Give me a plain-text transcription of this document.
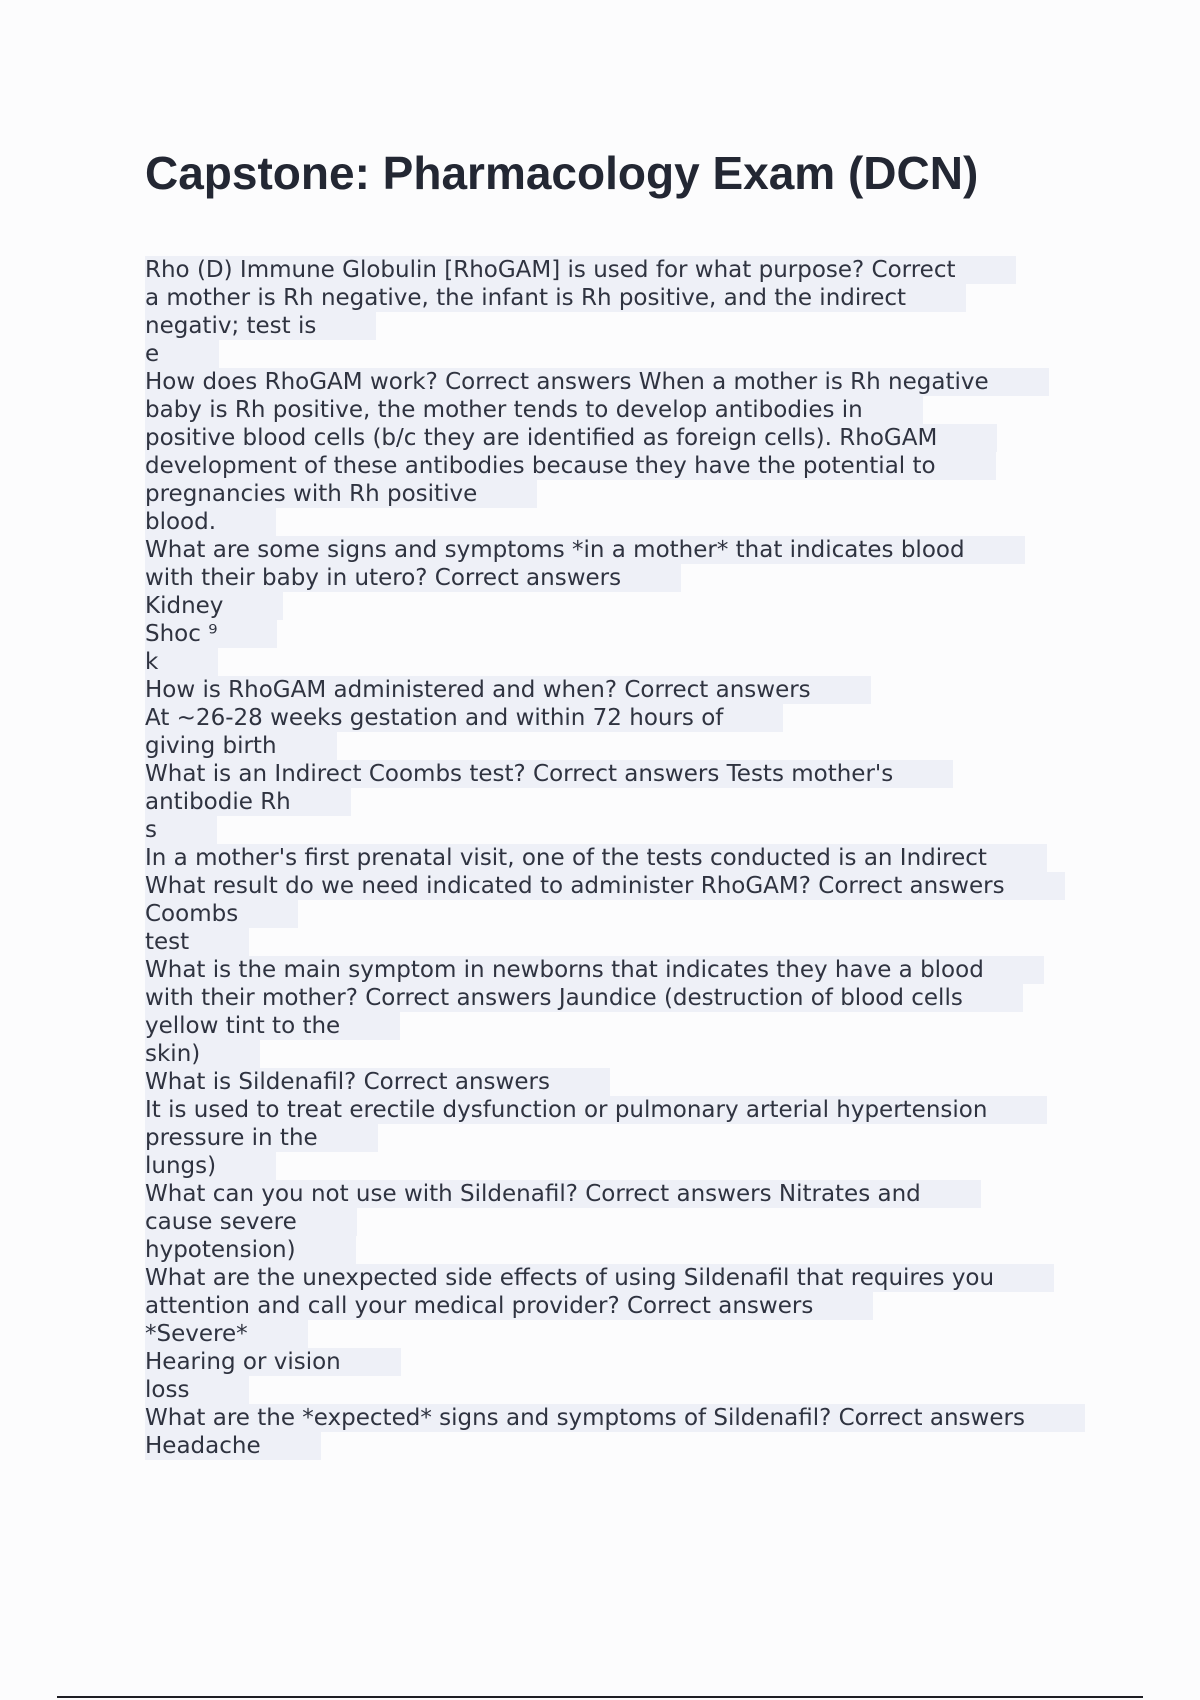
Capstone: Pharmacology Exam (DCN)
Rho (D) Immune Globulin [RhoGAM] is used for what purpose? Correct
a mother is Rh negative, the infant is Rh positive, and the indirect
negativ; test is
e
How does RhoGAM work? Correct answers When a mother is Rh negative
baby is Rh positive, the mother tends to develop antibodies in
positive blood cells (b/c they are identified as foreign cells). RhoGAM
development of these antibodies because they have the potential to
pregnancies with Rh positive
blood.
What are some signs and symptoms *in a mother* that indicates blood
with their baby in utero? Correct answers
Kidney
Shoc ⁹
k
How is RhoGAM administered and when? Correct answers
At ~26-28 weeks gestation and within 72 hours of
giving birth
What is an Indirect Coombs test? Correct answers Tests mother's
antibodie Rh
s
In a mother's first prenatal visit, one of the tests conducted is an Indirect
What result do we need indicated to administer RhoGAM? Correct answers
Coombs
test
What is the main symptom in newborns that indicates they have a blood
with their mother? Correct answers Jaundice (destruction of blood cells
yellow tint to the
skin)
What is Sildenafil? Correct answers
It is used to treat erectile dysfunction or pulmonary arterial hypertension
pressure in the
lungs)
What can you not use with Sildenafil? Correct answers Nitrates and
cause severe
hypotension)
What are the unexpected side effects of using Sildenafil that requires you
attention and call your medical provider? Correct answers
*Severe*
Hearing or vision
loss
What are the *expected* signs and symptoms of Sildenafil? Correct answers
Headache
